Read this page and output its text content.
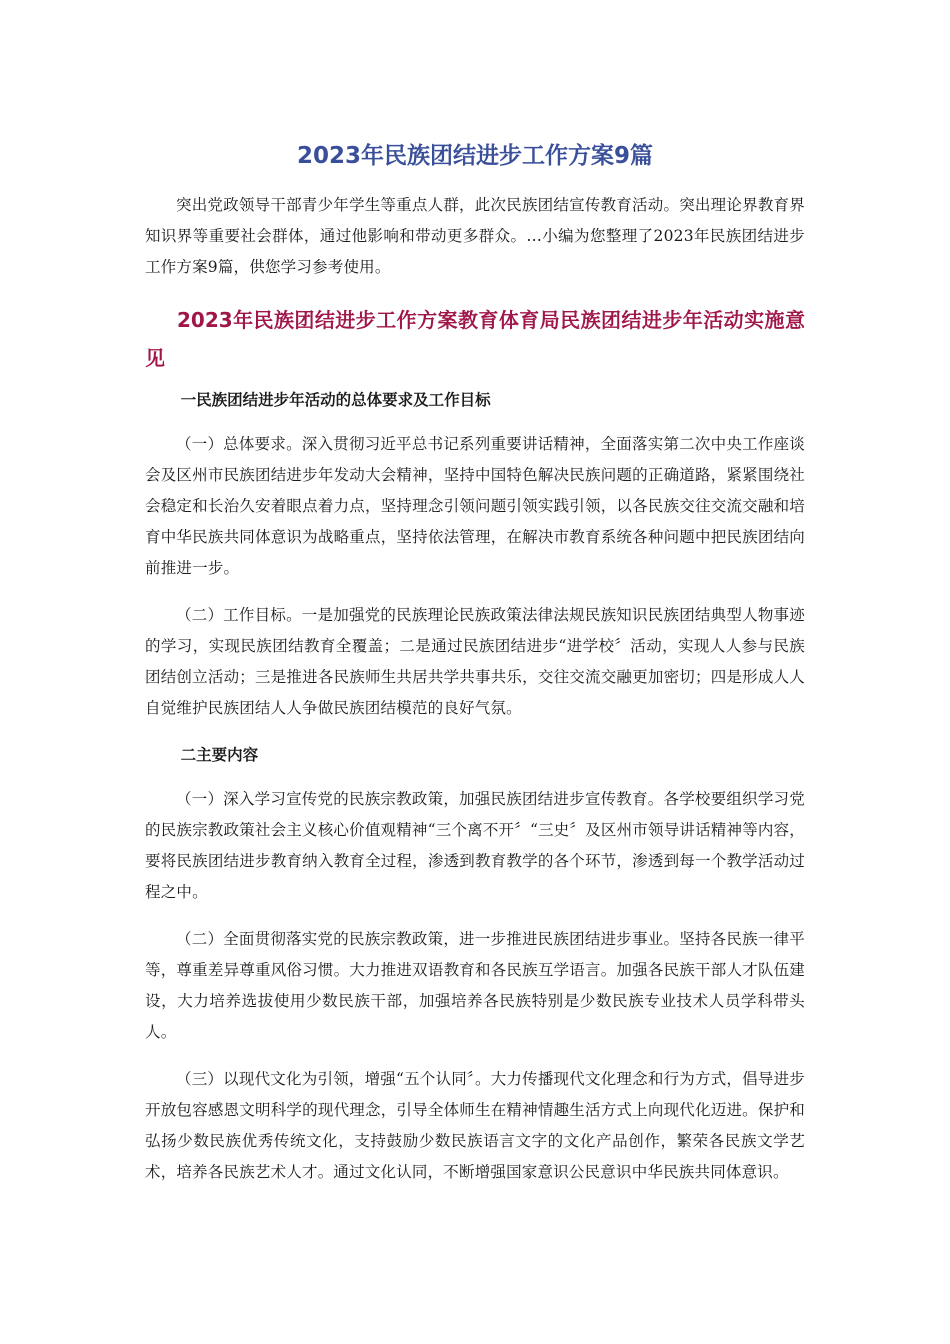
2023年民族团结进步工作方案9篇

突出党政领导干部青少年学生等重点人群，此次民族团结宣传教育活动。突出理论界教育界知识界等重要社会群体，通过他影响和带动更多群众。…小编为您整理了2023年民族团结进步工作方案9篇，供您学习参考使用。

2023年民族团结进步工作方案教育体育局民族团结进步年活动实施意见
一民族团结进步年活动的总体要求及工作目标

（一）总体要求。深入贯彻习近平总书记系列重要讲话精神，全面落实第二次中央工作座谈会及区州市民族团结进步年发动大会精神，坚持中国特色解决民族问题的正确道路，紧紧围绕社会稳定和长治久安着眼点着力点，坚持理念引领问题引领实践引领，以各民族交往交流交融和培育中华民族共同体意识为战略重点，坚持依法管理，在解决市教育系统各种问题中把民族团结向前推进一步。

（二）工作目标。一是加强党的民族理论民族政策法律法规民族知识民族团结典型人物事迹的学习，实现民族团结教育全覆盖；二是通过民族团结进步“进学校〞活动，实现人人参与民族团结创立活动；三是推进各民族师生共居共学共事共乐，交往交流交融更加密切；四是形成人人自觉维护民族团结人人争做民族团结模范的良好气氛。

二主要内容

（一）深入学习宣传党的民族宗教政策，加强民族团结进步宣传教育。各学校要组织学习党的民族宗教政策社会主义核心价值观精神“三个离不开〞“三史〞及区州市领导讲话精神等内容，要将民族团结进步教育纳入教育全过程，渗透到教育教学的各个环节，渗透到每一个教学活动过程之中。

（二）全面贯彻落实党的民族宗教政策，进一步推进民族团结进步事业。坚持各民族一律平等，尊重差异尊重风俗习惯。大力推进双语教育和各民族互学语言。加强各民族干部人才队伍建设，大力培养选拔使用少数民族干部，加强培养各民族特别是少数民族专业技术人员学科带头人。

（三）以现代文化为引领，增强“五个认同〞。大力传播现代文化理念和行为方式，倡导进步开放包容感恩文明科学的现代理念，引导全体师生在精神情趣生活方式上向现代化迈进。保护和弘扬少数民族优秀传统文化，支持鼓励少数民族语言文字的文化产品创作，繁荣各民族文学艺术，培养各民族艺术人才。通过文化认同，不断增强国家意识公民意识中华民族共同体意识。
